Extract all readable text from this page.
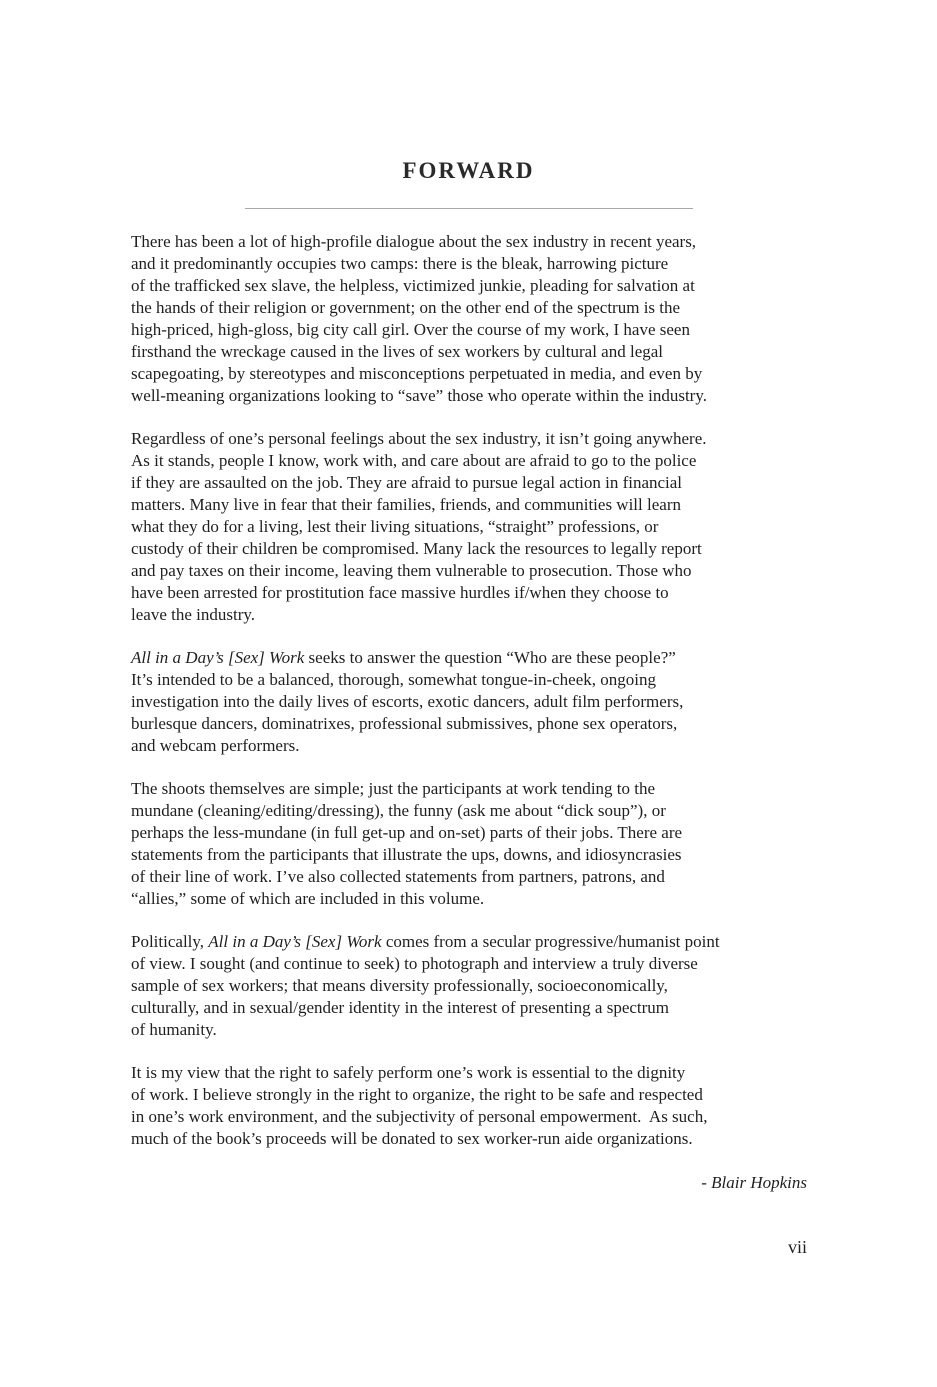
FORWARD
There has been a lot of high-profile dialogue about the sex industry in recent years,
and it predominantly occupies two camps: there is the bleak, harrowing picture
of the trafficked sex slave, the helpless, victimized junkie, pleading for salvation at
the hands of their religion or government; on the other end of the spectrum is the
high-priced, high-gloss, big city call girl. Over the course of my work, I have seen
firsthand the wreckage caused in the lives of sex workers by cultural and legal
scapegoating, by stereotypes and misconceptions perpetuated in media, and even by
well-meaning organizations looking to “save” those who operate within the industry.
Regardless of one’s personal feelings about the sex industry, it isn’t going anywhere.
As it stands, people I know, work with, and care about are afraid to go to the police
if they are assaulted on the job. They are afraid to pursue legal action in financial
matters. Many live in fear that their families, friends, and communities will learn
what they do for a living, lest their living situations, “straight” professions, or
custody of their children be compromised. Many lack the resources to legally report
and pay taxes on their income, leaving them vulnerable to prosecution. Those who
have been arrested for prostitution face massive hurdles if/when they choose to
leave the industry.
All in a Day’s [Sex] Work seeks to answer the question “Who are these people?”
It’s intended to be a balanced, thorough, somewhat tongue-in-cheek, ongoing
investigation into the daily lives of escorts, exotic dancers, adult film performers,
burlesque dancers, dominatrixes, professional submissives, phone sex operators,
and webcam performers.
The shoots themselves are simple; just the participants at work tending to the
mundane (cleaning/editing/dressing), the funny (ask me about “dick soup”), or
perhaps the less-mundane (in full get-up and on-set) parts of their jobs. There are
statements from the participants that illustrate the ups, downs, and idiosyncrasies
of their line of work. I’ve also collected statements from partners, patrons, and
“allies,” some of which are included in this volume.
Politically, All in a Day’s [Sex] Work comes from a secular progressive/humanist point
of view. I sought (and continue to seek) to photograph and interview a truly diverse
sample of sex workers; that means diversity professionally, socioeconomically,
culturally, and in sexual/gender identity in the interest of presenting a spectrum
of humanity.
It is my view that the right to safely perform one’s work is essential to the dignity
of work. I believe strongly in the right to organize, the right to be safe and respected
in one’s work environment, and the subjectivity of personal empowerment.  As such,
much of the book’s proceeds will be donated to sex worker-run aide organizations.
- Blair Hopkins
vii
